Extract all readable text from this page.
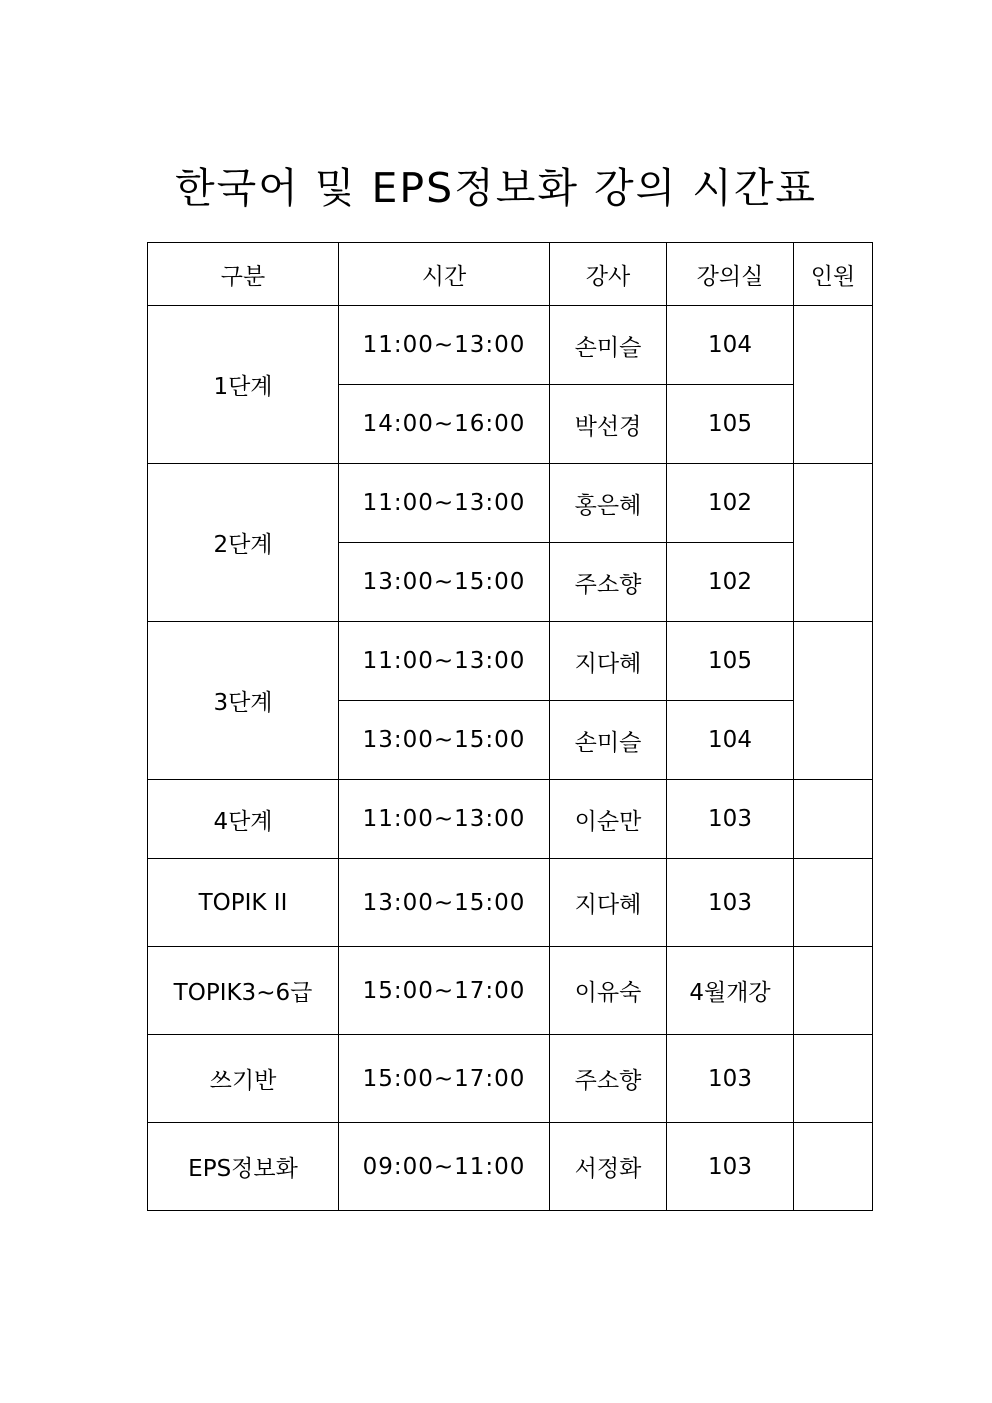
한국어 및 EPS정보화 강의 시간표
구분	시간	강사	강의실	인원
1단계	11:00~13:00	손미슬	104	
	14:00~16:00	박선경	105	
2단계	11:00~13:00	홍은혜	102	
	13:00~15:00	주소향	102	
3단계	11:00~13:00	지다혜	105	
	13:00~15:00	손미슬	104	
4단계	11:00~13:00	이순만	103	
TOPIK II	13:00~15:00	지다혜	103	
TOPIK3~6급	15:00~17:00	이유숙	4월개강	
쓰기반	15:00~17:00	주소향	103	
EPS정보화	09:00~11:00	서정화	103	
